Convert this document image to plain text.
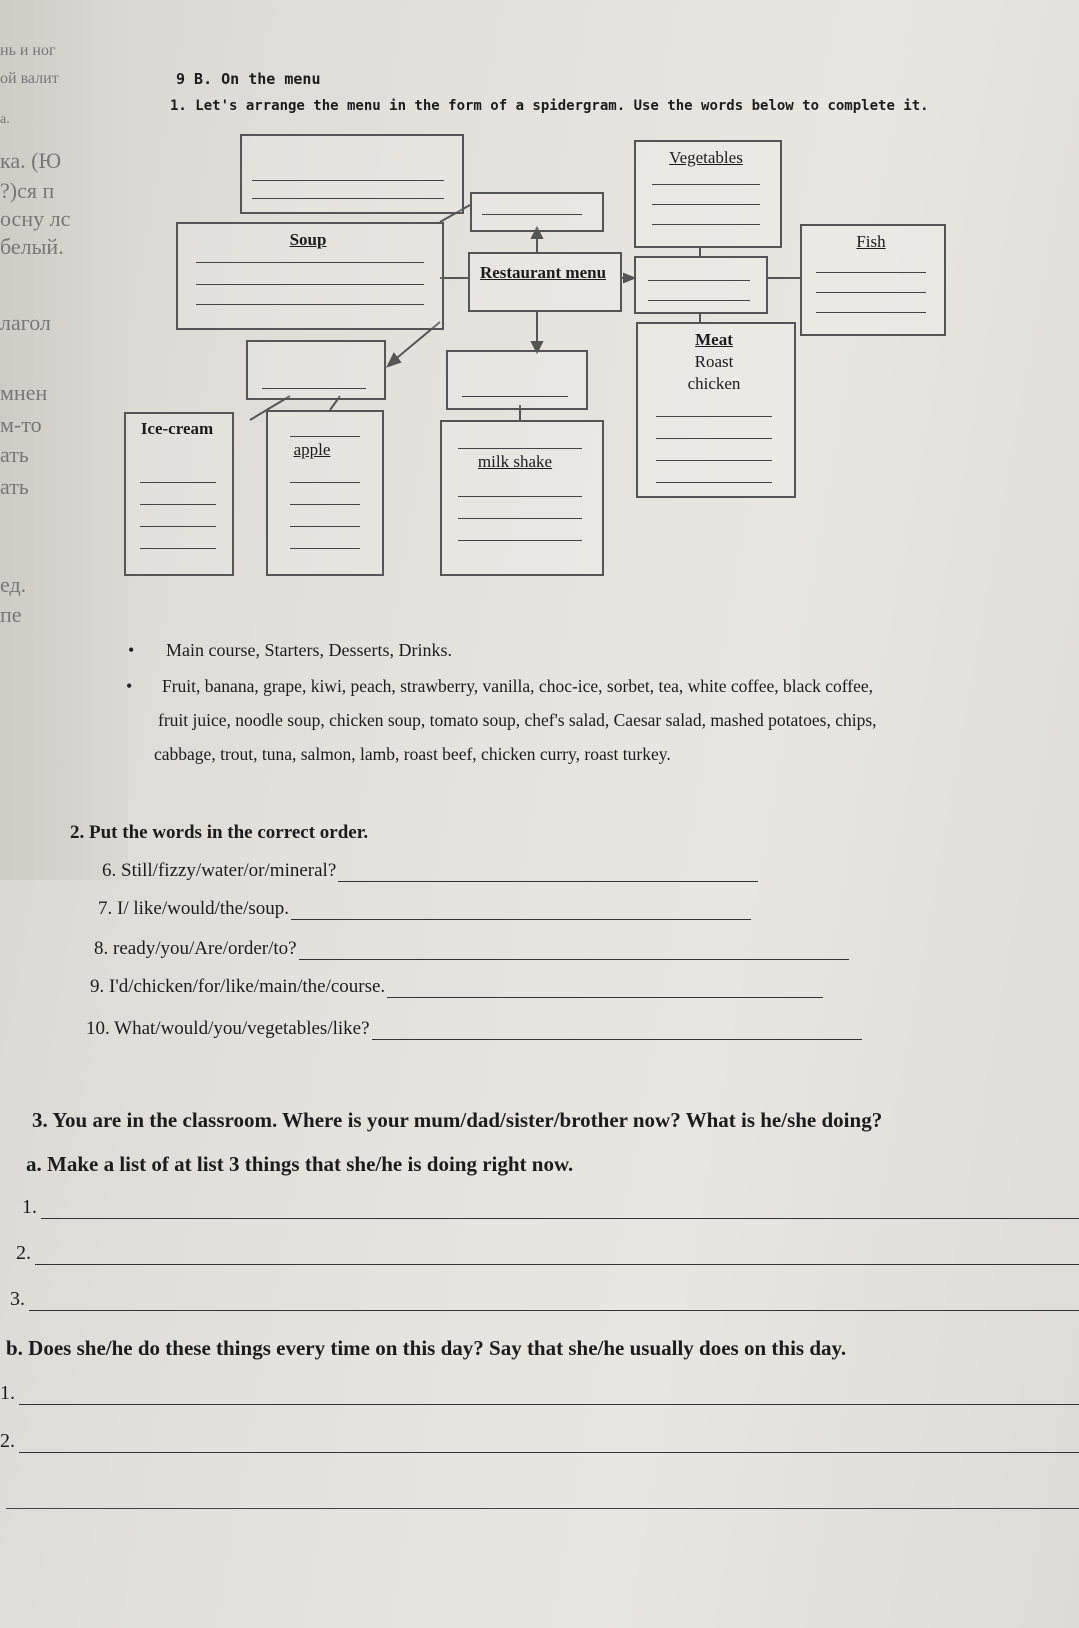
нь и ног
ой валит
а.
ка. (Ю
?)ся п
осну лс
белый.
лагол
мнен
м-то
ать
ать
ед.
пе
9 B. On the menu
1. Let's arrange the menu in the form of a spidergram. Use the words below to complete it.
Soup
Restaurant menu
Vegetables
Fish
Meat
Roast
chicken
Ice-cream
apple
milk shake
• Main course, Starters, Desserts, Drinks.
• Fruit, banana, grape, kiwi, peach, strawberry, vanilla, choc-ice, sorbet, tea, white coffee, black coffee,
fruit juice, noodle soup, chicken soup, tomato soup, chef's salad, Caesar salad, mashed potatoes, chips,
cabbage, trout, tuna, salmon, lamb, roast beef, chicken curry, roast turkey.
2. Put the words in the correct order.
6. Still/fizzy/water/or/mineral?
7. I/ like/would/the/soup.
8. ready/you/Are/order/to?
9. I'd/chicken/for/like/main/the/course.
10. What/would/you/vegetables/like?
3. You are in the classroom. Where is your mum/dad/sister/brother now? What is he/she doing?
a. Make a list of at list 3 things that she/he is doing right now.
1.
2.
3.
b. Does she/he do these things every time on this day? Say that she/he usually does on this day.
1.
2.
